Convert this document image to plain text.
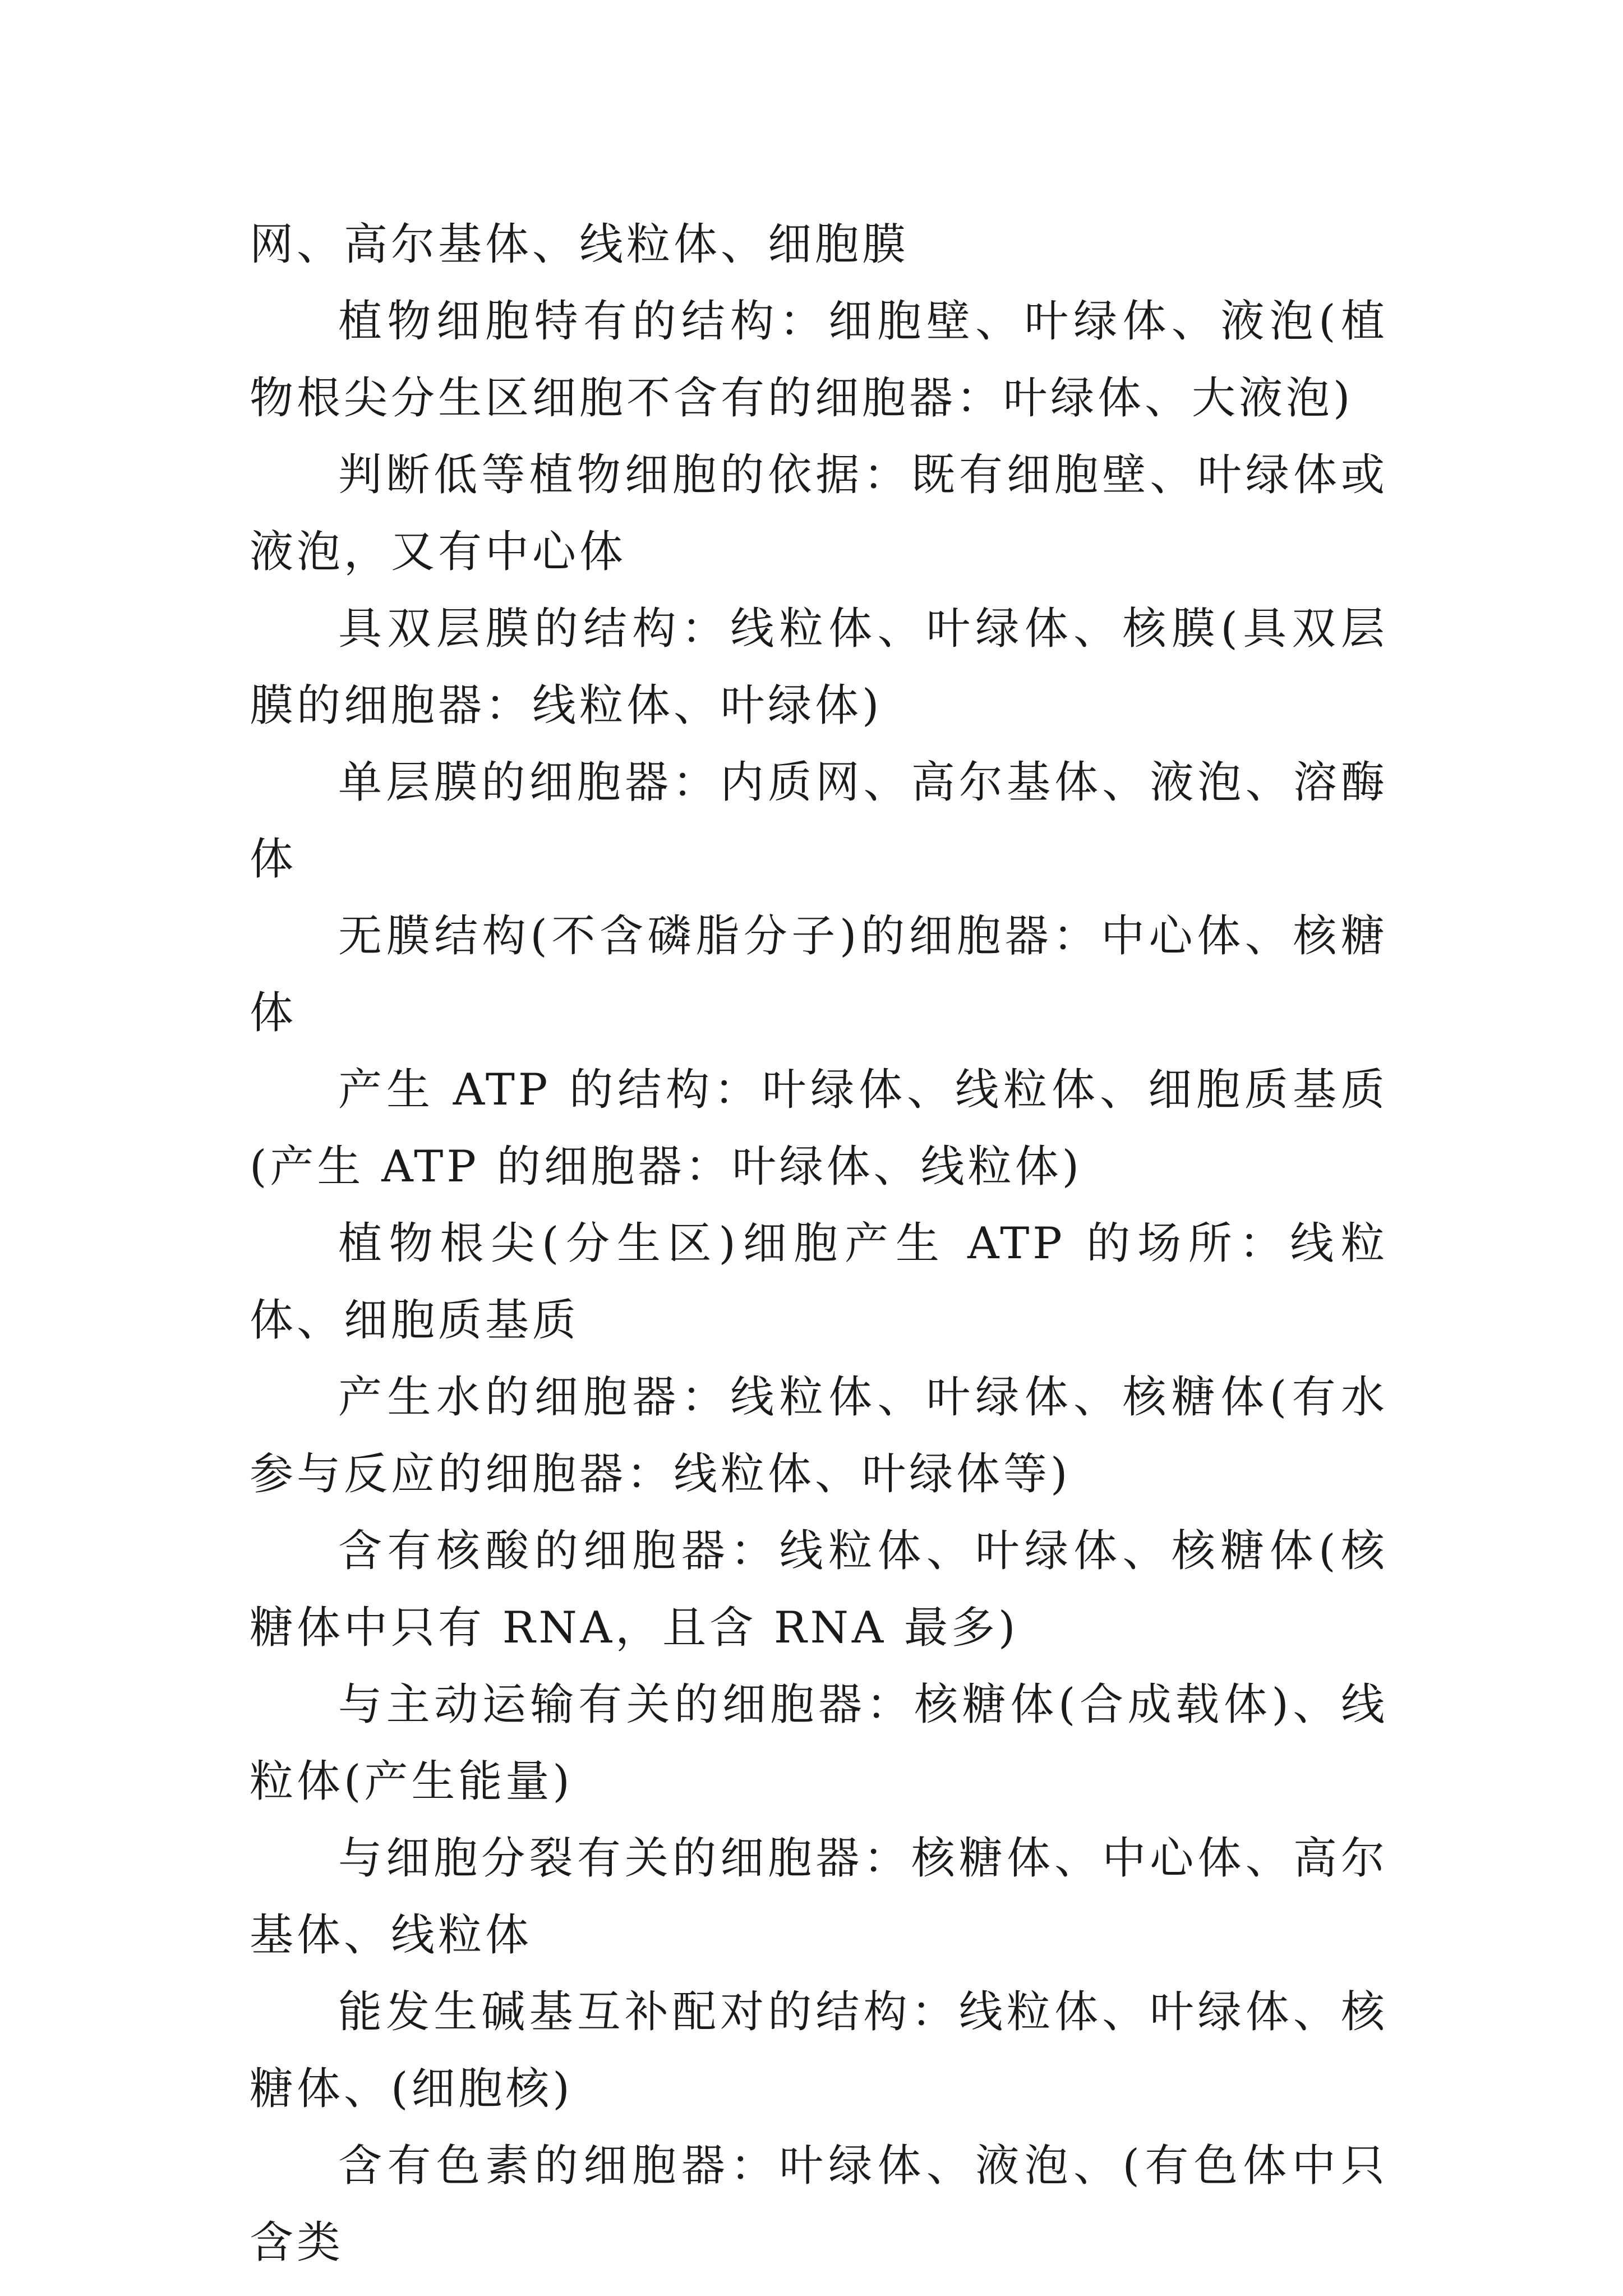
网、高尔基体、线粒体、细胞膜

植物细胞特有的结构：细胞壁、叶绿体、液泡(植物根尖分生区细胞不含有的细胞器：叶绿体、大液泡)

判断低等植物细胞的依据：既有细胞壁、叶绿体或液泡，又有中心体

具双层膜的结构：线粒体、叶绿体、核膜(具双层膜的细胞器：线粒体、叶绿体)

单层膜的细胞器：内质网、高尔基体、液泡、溶酶体

无膜结构(不含磷脂分子)的细胞器：中心体、核糖体

产生 ATP 的结构：叶绿体、线粒体、细胞质基质(产生 ATP 的细胞器：叶绿体、线粒体)

植物根尖(分生区)细胞产生 ATP 的场所：线粒体、细胞质基质

产生水的细胞器：线粒体、叶绿体、核糖体(有水参与反应的细胞器：线粒体、叶绿体等)

含有核酸的细胞器：线粒体、叶绿体、核糖体(核糖体中只有 RNA，且含 RNA 最多)

与主动运输有关的细胞器：核糖体(合成载体)、线粒体(产生能量)

与细胞分裂有关的细胞器：核糖体、中心体、高尔基体、线粒体

能发生碱基互补配对的结构：线粒体、叶绿体、核糖体、(细胞核)

含有色素的细胞器：叶绿体、液泡、(有色体中只含类
